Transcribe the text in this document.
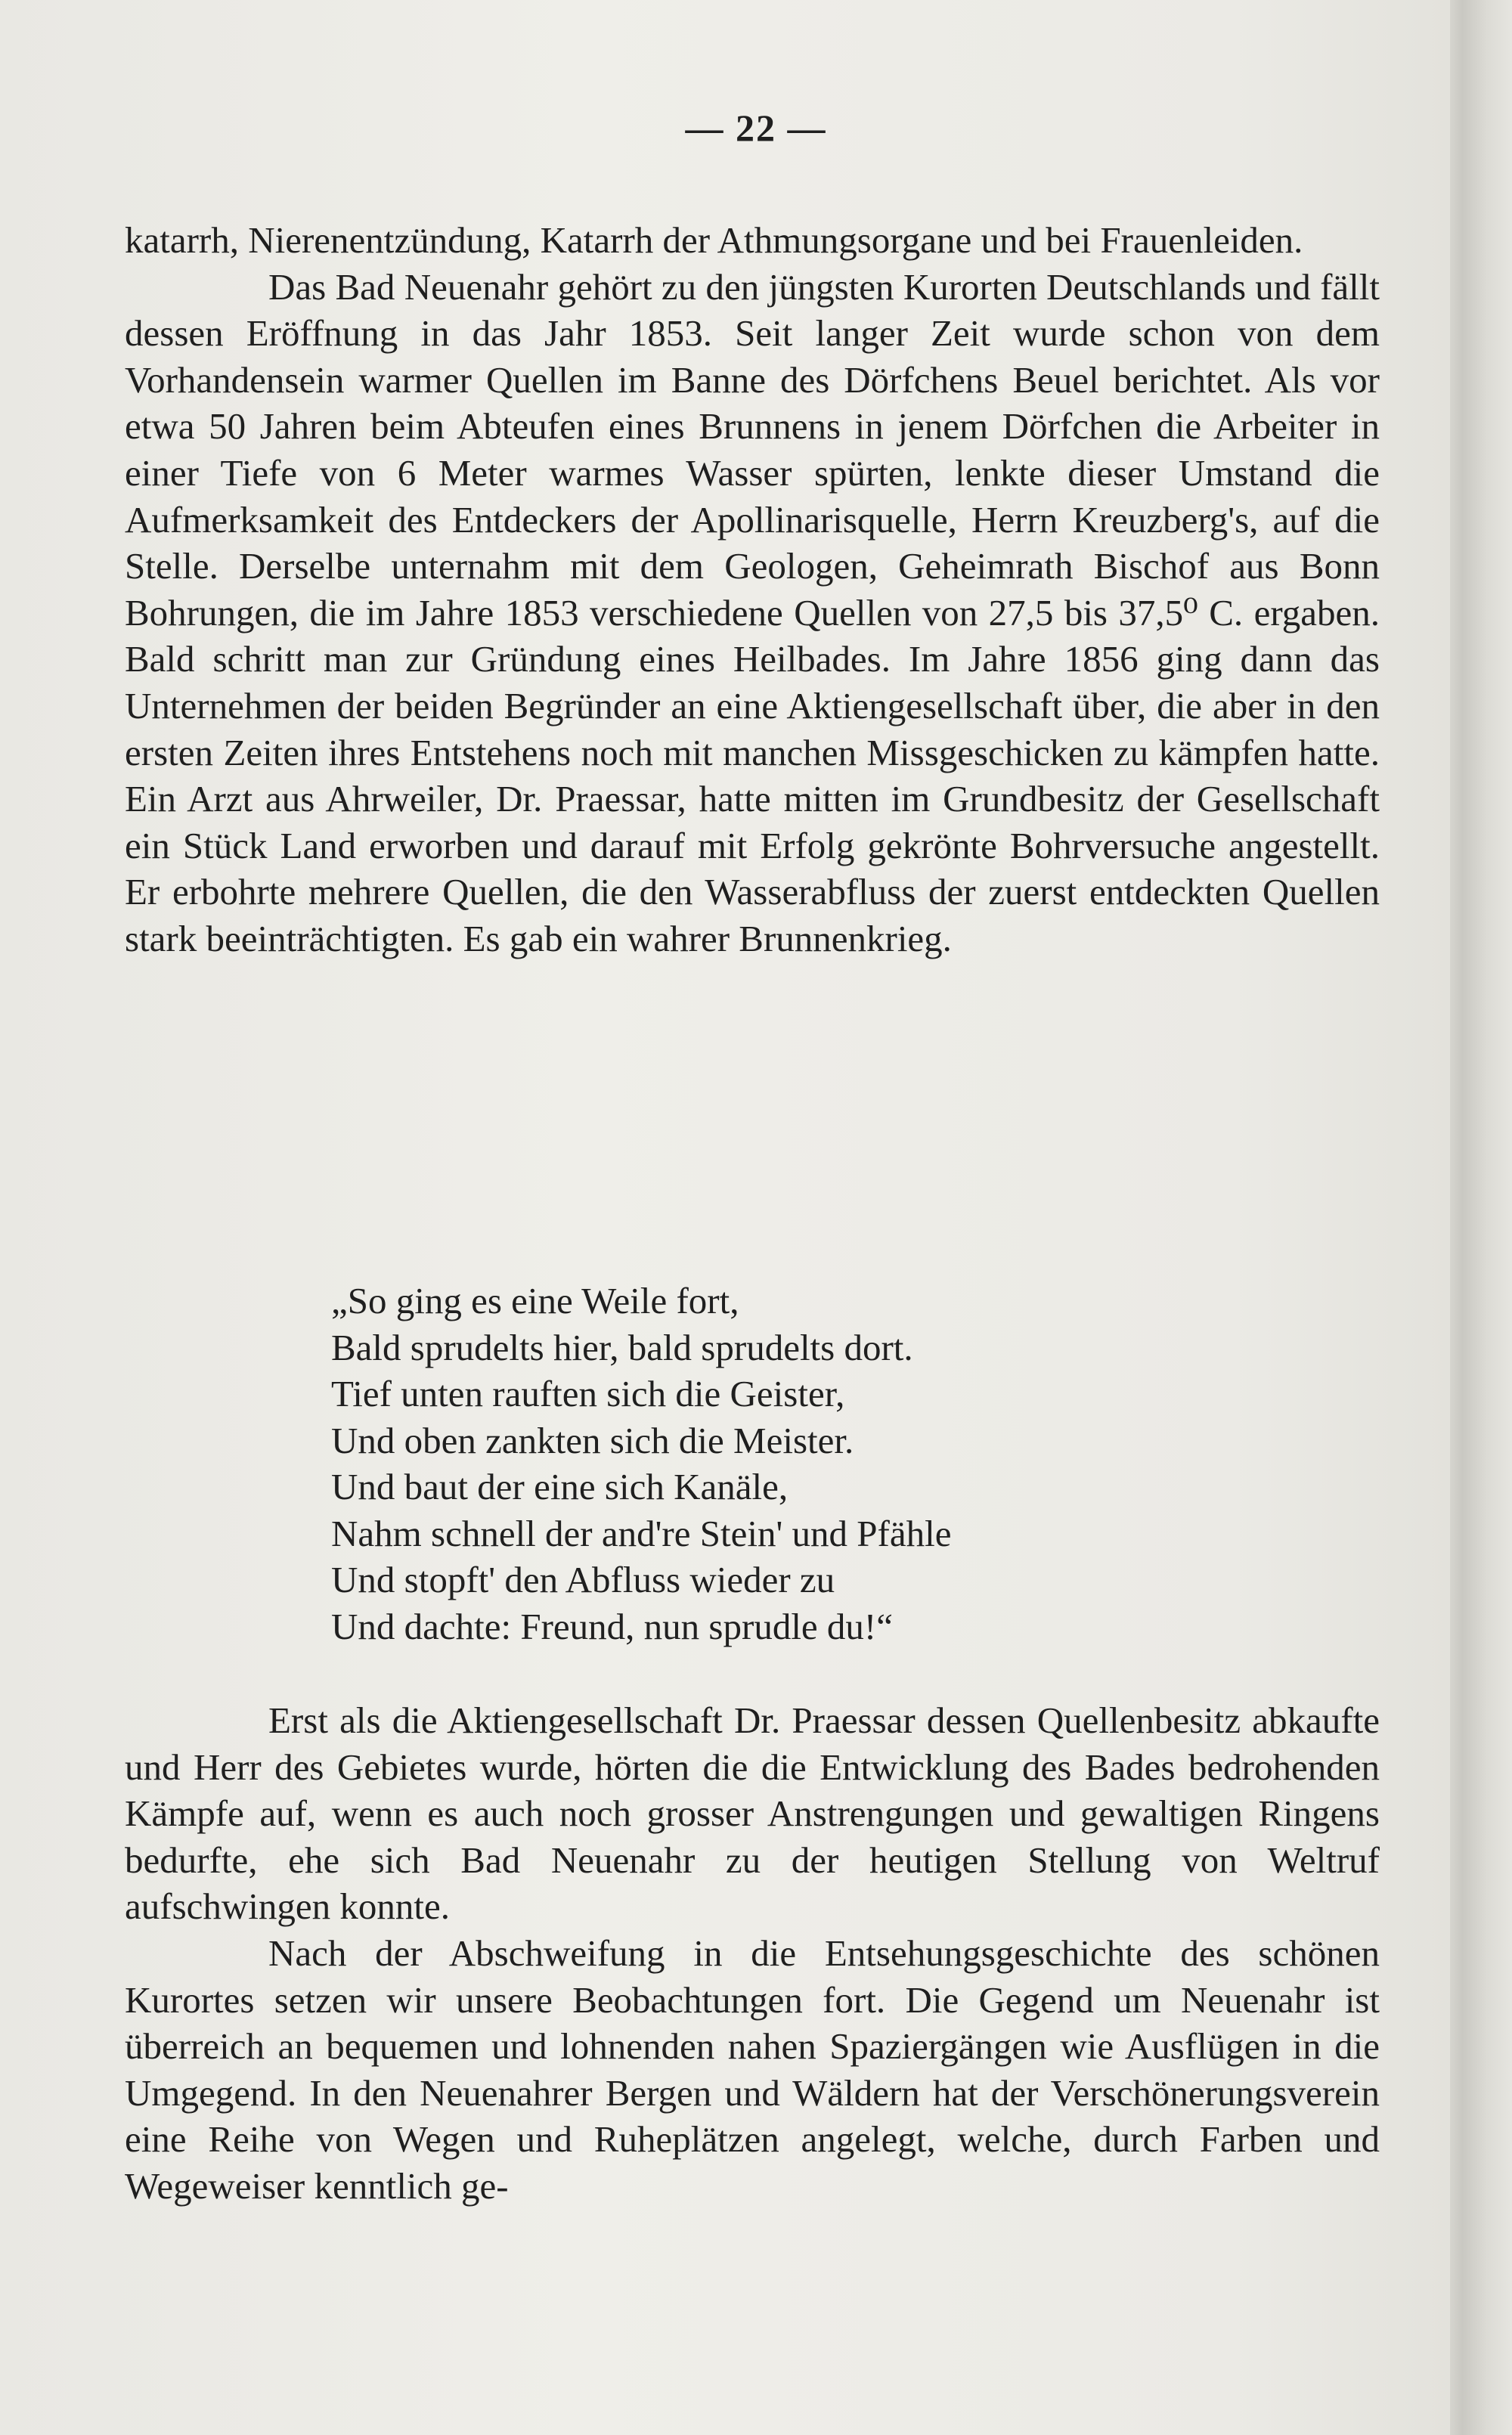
— 22 —

katarrh, Nierenentzündung, Katarrh der Athmungsorgane und bei Frauenleiden.

Das Bad Neuenahr gehört zu den jüngsten Kurorten Deutschlands und fällt dessen Eröffnung in das Jahr 1853. Seit langer Zeit wurde schon von dem Vorhandensein warmer Quellen im Banne des Dörfchens Beuel berichtet. Als vor etwa 50 Jahren beim Abteufen eines Brunnens in jenem Dörfchen die Arbeiter in einer Tiefe von 6 Meter warmes Wasser spürten, lenkte dieser Umstand die Aufmerksamkeit des Entdeckers der Apollinarisquelle, Herrn Kreuzberg's, auf die Stelle. Derselbe unternahm mit dem Geologen, Geheimrath Bischof aus Bonn Bohrungen, die im Jahre 1853 verschiedene Quellen von 27,5 bis 37,5⁰ C. ergaben. Bald schritt man zur Gründung eines Heilbades. Im Jahre 1856 ging dann das Unternehmen der beiden Begründer an eine Aktiengesellschaft über, die aber in den ersten Zeiten ihres Entstehens noch mit manchen Missgeschicken zu kämpfen hatte. Ein Arzt aus Ahrweiler, Dr. Praessar, hatte mitten im Grundbesitz der Gesellschaft ein Stück Land erworben und darauf mit Erfolg gekrönte Bohrversuche angestellt. Er erbohrte mehrere Quellen, die den Wasserabfluss der zuerst entdeckten Quellen stark beeinträchtigten. Es gab ein wahrer Brunnenkrieg.

„So ging es eine Weile fort,
Bald sprudelts hier, bald sprudelts dort.
Tief unten rauften sich die Geister,
Und oben zankten sich die Meister.
Und baut der eine sich Kanäle,
Nahm schnell der and're Stein' und Pfähle
Und stopft' den Abfluss wieder zu
Und dachte: Freund, nun sprudle du!“

Erst als die Aktiengesellschaft Dr. Praessar dessen Quellenbesitz abkaufte und Herr des Gebietes wurde, hörten die die Entwicklung des Bades bedrohenden Kämpfe auf, wenn es auch noch grosser Anstrengungen und gewaltigen Ringens bedurfte, ehe sich Bad Neuenahr zu der heutigen Stellung von Weltruf aufschwingen konnte.

Nach der Abschweifung in die Entsehungsgeschichte des schönen Kurortes setzen wir unsere Beobachtungen fort. Die Gegend um Neuenahr ist überreich an bequemen und lohnenden nahen Spaziergängen wie Ausflügen in die Umgegend. In den Neuenahrer Bergen und Wäldern hat der Verschönerungsverein eine Reihe von Wegen und Ruheplätzen angelegt, welche, durch Farben und Wegeweiser kenntlich ge-
